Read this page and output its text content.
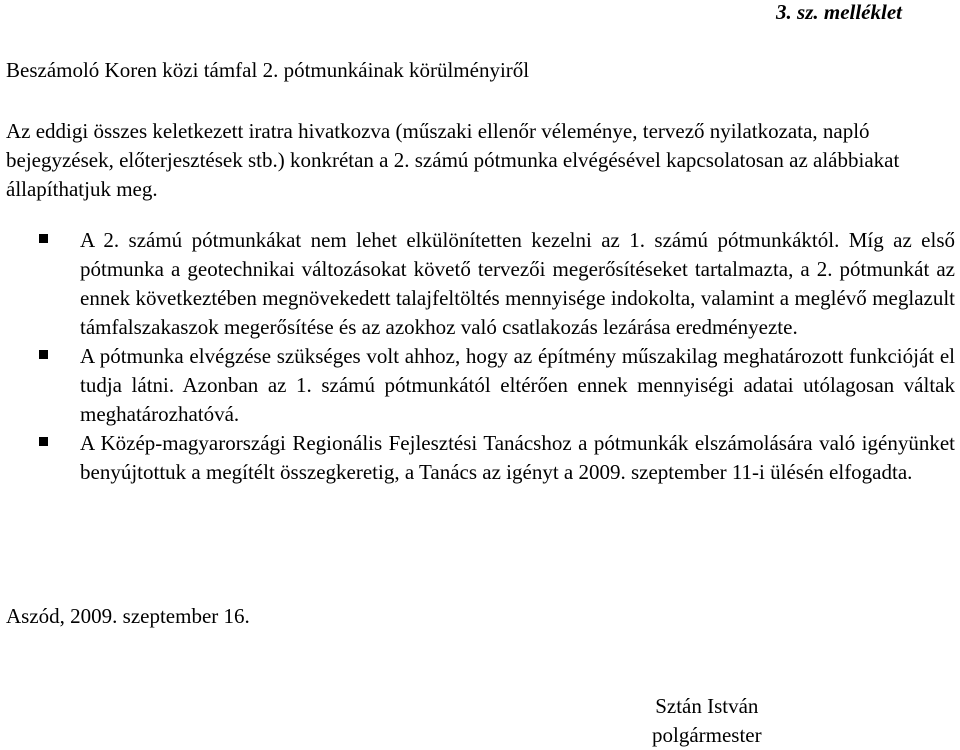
3. sz. melléklet
Beszámoló Koren közi támfal 2. pótmunkáinak körülményiről
Az eddigi összes keletkezett iratra hivatkozva (műszaki ellenőr véleménye, tervező nyilatkozata, napló bejegyzések, előterjesztések stb.) konkrétan a 2. számú pótmunka elvégésével kapcsolatosan az alábbiakat állapíthatjuk meg.
A 2. számú pótmunkákat nem lehet elkülönítetten kezelni az 1. számú pótmunkáktól. Míg az első pótmunka a geotechnikai változásokat követő tervezői megerősítéseket tartalmazta, a 2. pótmunkát az ennek következtében megnövekedett talajfeltöltés mennyisége indokolta, valamint a meglévő meglazult támfalszakaszok megerősítése és az azokhoz való csatlakozás lezárása eredményezte.
A pótmunka elvégzése szükséges volt ahhoz, hogy az építmény műszakilag meghatározott funkcióját el tudja látni. Azonban az 1. számú pótmunkától eltérően ennek mennyiségi adatai utólagosan váltak meghatározhatóvá.
A Közép-magyarországi Regionális Fejlesztési Tanácshoz a pótmunkák elszámolására való igényünket benyújtottuk a megítélt összegkeretig, a Tanács az igényt a 2009. szeptember 11-i ülésén elfogadta.
Aszód, 2009. szeptember 16.
Sztán István
polgármester
